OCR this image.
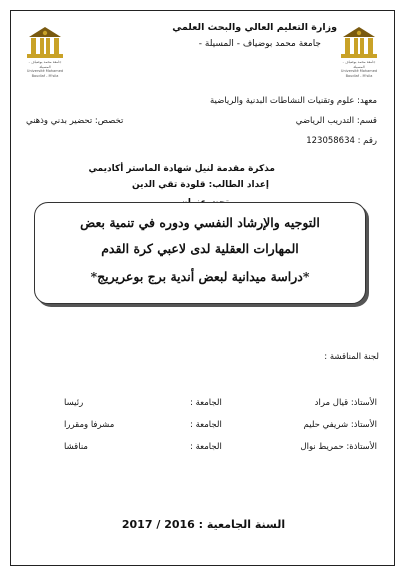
جامعة محمد بوضياف - المسيلة
Université Mohamed Boudiaf - M'sila
جامعة محمد بوضياف - المسيلة
Université Mohamed Boudiaf - M'sila
وزارة التعليم العالي والبحث العلمي
جامعة محمد بوضياف - المسيلة -
معهد: علوم وتقنيات النشاطات البدنية والرياضية
قسم: التدريب الرياضي
تخصص: تحضير بدني وذهني
رقم : 123058634
مذكرة مقدمة لنيل شهادة الماستر أكاديمي
إعداد الطالب: قلودة تقي الدين
التوجيه والإرشاد النفسي ودوره في تنمية بعض
المهارات العقلية لدى لاعبي كرة القدم
*دراسة ميدانية لبعض أندية برج بوعريريج*
لجنة المناقشة :
الأستاذ: قيال مراد
الجامعة :
رئيسا
الأستاذ: شريفي حليم
الجامعة :
مشرفا ومقررا
الأستاذة: حمريط نوال
الجامعة :
مناقشا
السنة الجامعية : 2016 / 2017
